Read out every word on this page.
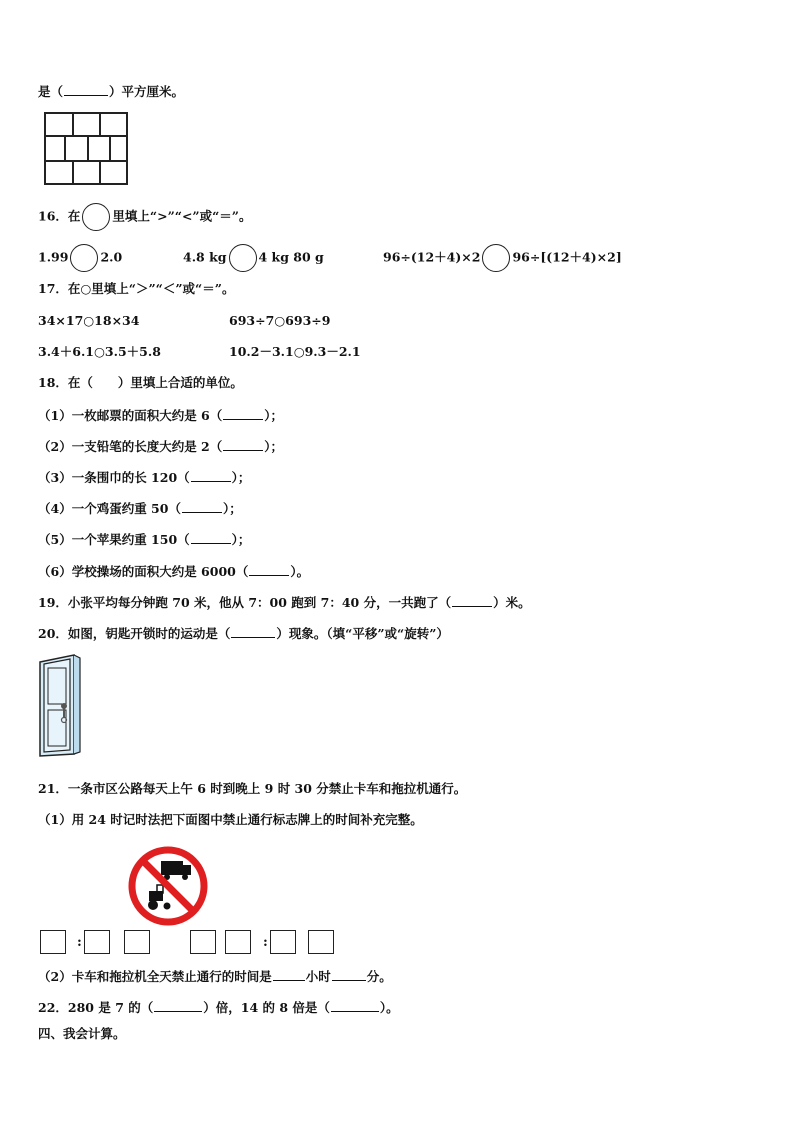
是（	）平方厘米。
16．在	里填上“>”“<”或“＝”。
1.99	2.0	4.8 kg	4 kg 80 g	96÷(12＋4)×2	96÷[(12＋4)×2]
17．在○里填上“＞”“＜”或“＝”。
34×17○18×34	693÷7○693÷9
3.4＋6.1○3.5＋5.8	10.2－3.1○9.3－2.1
18．在（　　）里填上合适的单位。
（1）一枚邮票的面积大约是 6（	）；
（2）一支铅笔的长度大约是 2（	）；
（3）一条围巾的长 120（	）；
（4）一个鸡蛋约重 50（	）；
（5）一个苹果约重 150（	）；
（6）学校操场的面积大约是 6000（	）。
19．小张平均每分钟跑 70 米，他从 7：00 跑到 7：40 分，一共跑了（	）米。
20．如图，钥匙开锁时的运动是（	）现象。（填“平移”或“旋转”）
21．一条市区公路每天上午 6 时到晚上 9 时 30 分禁止卡车和拖拉机通行。
（1）用 24 时记时法把下面图中禁止通行标志牌上的时间补充完整。
:	:
（2）卡车和拖拉机全天禁止通行的时间是	小时	分。
22．280 是 7 的（	）倍，14 的 8 倍是（	）。
四、我会计算。
